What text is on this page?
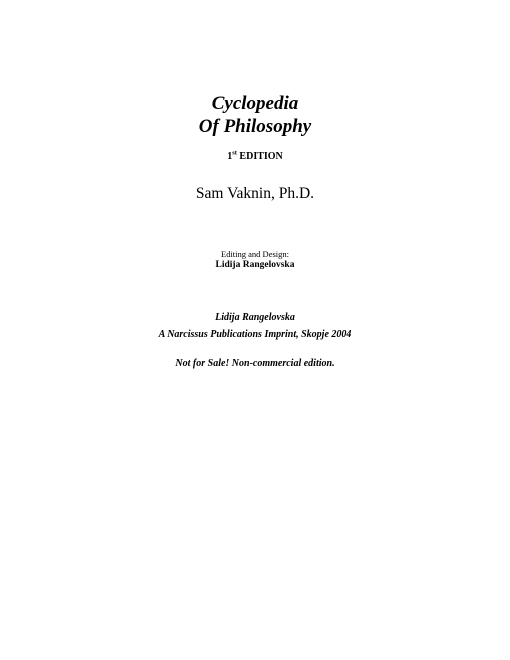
Cyclopedia
Of Philosophy
1st EDITION
Sam Vaknin, Ph.D.
Editing and Design:
Lidija Rangelovska
Lidija Rangelovska
A Narcissus Publications Imprint, Skopje 2004
Not for Sale! Non-commercial edition.
